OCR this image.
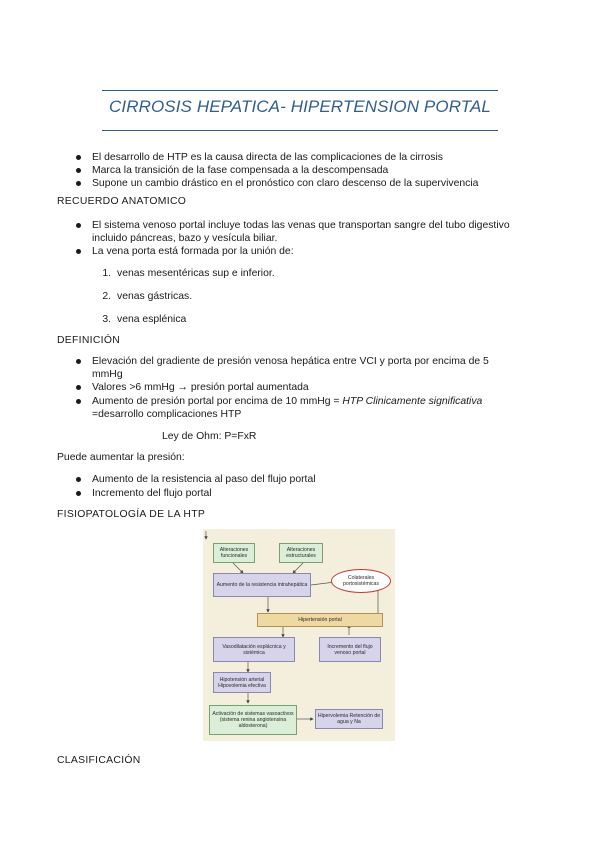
CIRROSIS HEPATICA- HIPERTENSION PORTAL
El desarrollo de HTP es la causa directa de las complicaciones de la cirrosis
Marca la transición de la fase compensada a la descompensada
Supone un cambio drástico en el pronóstico con claro descenso de la supervivencia
RECUERDO ANATOMICO
El sistema venoso portal incluye todas las venas que transportan sangre del tubo digestivo
incluido páncreas, bazo y vesícula biliar.
La vena porta está formada por la unión de:
1. venas mesentéricas sup e inferior.
2. venas gástricas.
3. vena esplénica
DEFINICIÓN
Elevación del gradiente de presión venosa hepática entre VCI y porta por encima de 5
mmHg
Valores >6 mmHg → presión portal aumentada
Aumento de presión portal por encima de 10 mmHg = HTP Clinicamente significativa
=desarrollo complicaciones HTP
Ley de Ohm: P=FxR
Puede aumentar la presión:
Aumento de la resistencia al paso del flujo portal
Incremento del flujo portal
FISIOPATOLOGÍA DE LA HTP
Alteraciones funcionales
Alteraciones estructurales
Aumento de la resistencia intrahepática
Colaterales portosistémicas
Hipertensión portal
Vasodilatación esplácnica y sistémica
Incremento del flujo venoso portal
Hipotensión arterial Hipovolemia efectiva
Activación de sistemas vasoactivos (sistema renina angiotensina aldosterona)
Hipervolemia Retención de agua y Na
CLASIFICACIÓN
